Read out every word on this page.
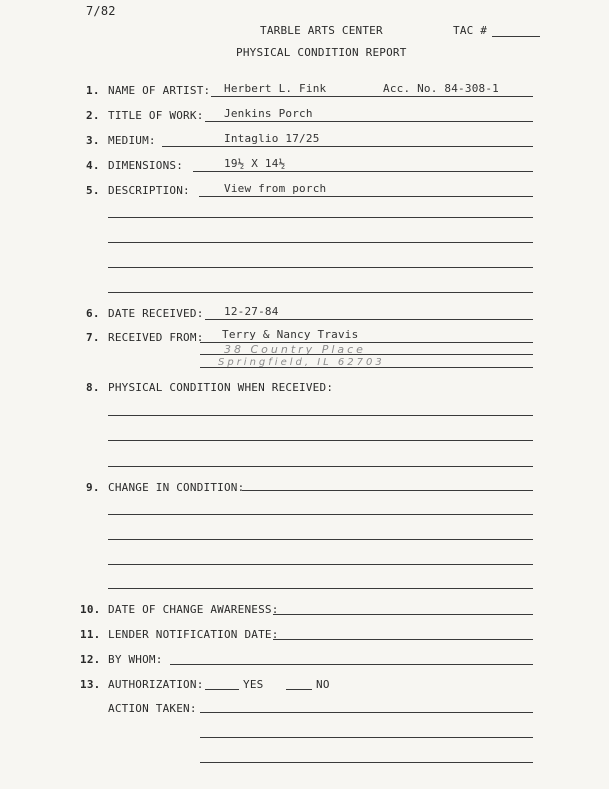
7/82
TARBLE ARTS CENTER	TAC #
PHYSICAL CONDITION REPORT
1. NAME OF ARTIST: Herbert L. Fink	Acc. No. 84-308-1
2. TITLE OF WORK: Jenkins Porch
3. MEDIUM:	Intaglio 17/25
4. DIMENSIONS:	19½ X 14½
5. DESCRIPTION:	View from porch
6. DATE RECEIVED: 12-27-84
7. RECEIVED FROM: Terry & Nancy Travis
38 Country Place
Springfield, IL 62703
8. PHYSICAL CONDITION WHEN RECEIVED:
9. CHANGE IN CONDITION:
10. DATE OF CHANGE AWARENESS:
11. LENDER NOTIFICATION DATE:
12. BY WHOM:
13. AUTHORIZATION:	YES	NO
ACTION TAKEN:
